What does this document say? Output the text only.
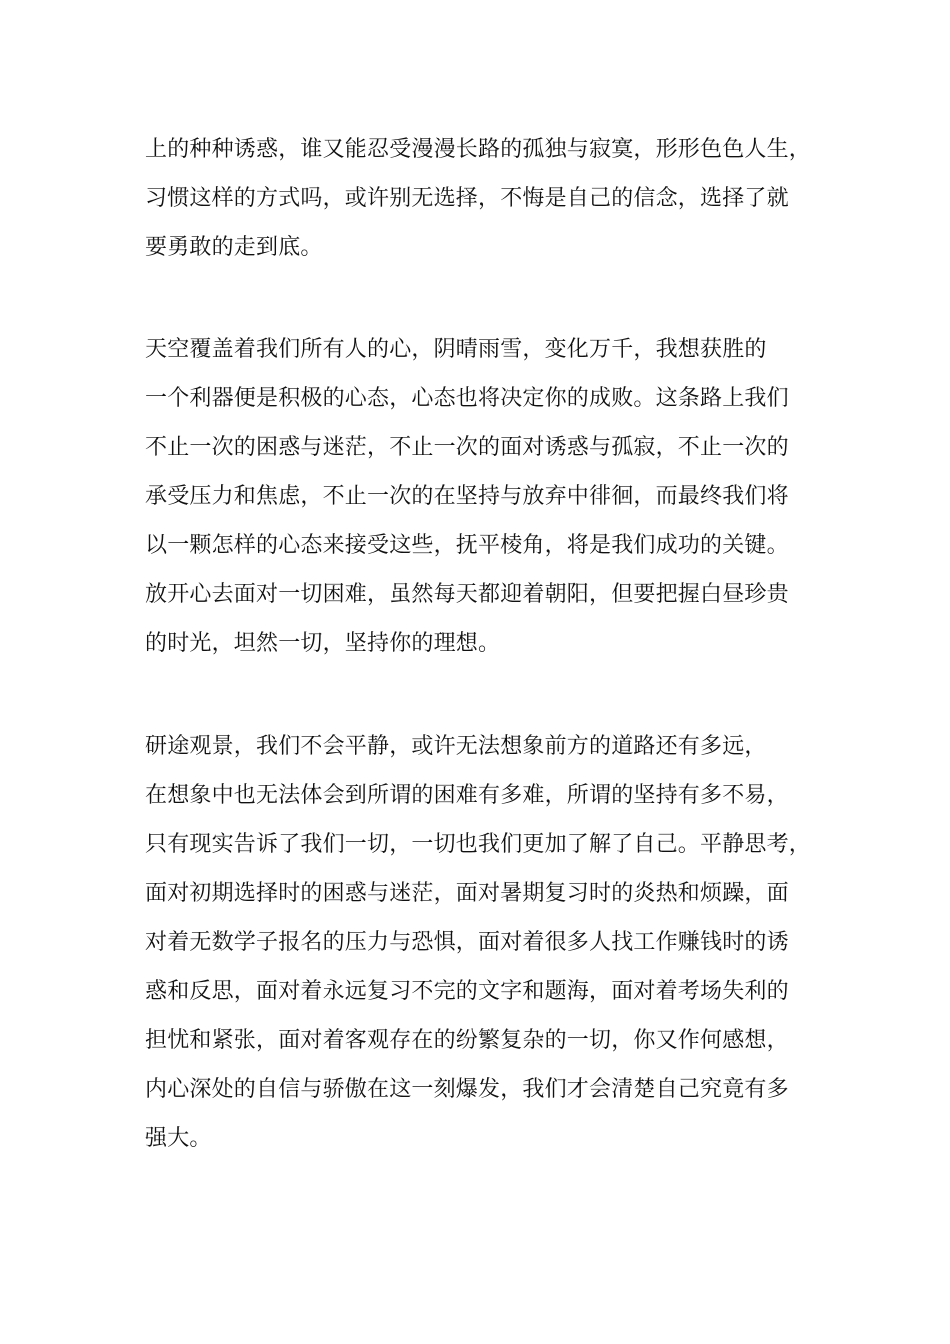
上的种种诱惑，谁又能忍受漫漫长路的孤独与寂寞，形形色色人生，
习惯这样的方式吗，或许别无选择，不悔是自己的信念，选择了就
要勇敢的走到底。
天空覆盖着我们所有人的心，阴晴雨雪，变化万千，我想获胜的
一个利器便是积极的心态，心态也将决定你的成败。这条路上我们
不止一次的困惑与迷茫，不止一次的面对诱惑与孤寂，不止一次的
承受压力和焦虑，不止一次的在坚持与放弃中徘徊，而最终我们将
以一颗怎样的心态来接受这些，抚平棱角，将是我们成功的关键。
放开心去面对一切困难，虽然每天都迎着朝阳，但要把握白昼珍贵
的时光，坦然一切，坚持你的理想。
研途观景，我们不会平静，或许无法想象前方的道路还有多远，
在想象中也无法体会到所谓的困难有多难，所谓的坚持有多不易，
只有现实告诉了我们一切，一切也我们更加了解了自己。平静思考，
面对初期选择时的困惑与迷茫，面对暑期复习时的炎热和烦躁，面
对着无数学子报名的压力与恐惧，面对着很多人找工作赚钱时的诱
惑和反思，面对着永远复习不完的文字和题海，面对着考场失利的
担忧和紧张，面对着客观存在的纷繁复杂的一切，你又作何感想，
内心深处的自信与骄傲在这一刻爆发，我们才会清楚自己究竟有多
强大。
